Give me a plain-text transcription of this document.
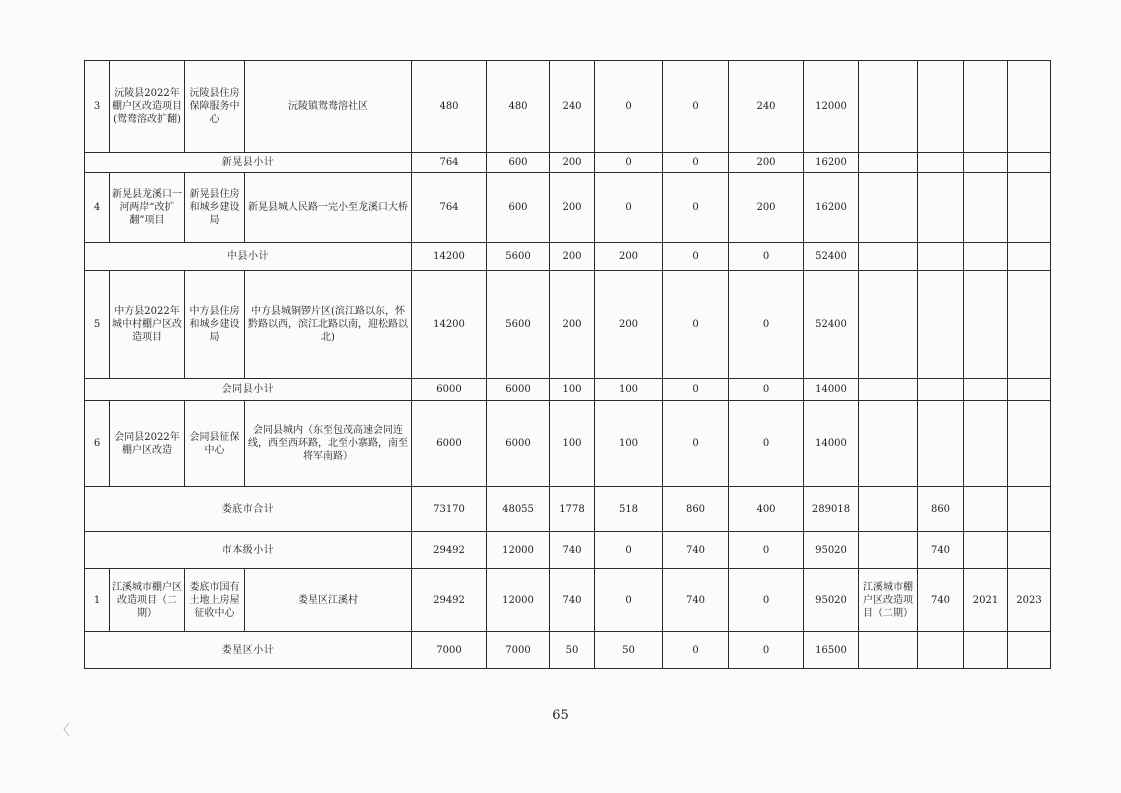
3	沅陵县2022年棚户区改造项目(鸳鸯溶改扩翻)	沅陵县住房保障服务中心	沅陵镇鸳鸯溶社区	480	480	240	0	0	240	12000				
新晃县小计				764	600	200	0	0	200	16200				
4	新晃县龙溪口一河两岸“改扩翻”项目	新晃县住房和城乡建设局	新晃县城人民路一完小至龙溪口大桥	764	600	200	0	0	200	16200				
中县小计				14200	5600	200	200	0	0	52400				
5	中方县2022年城中村棚户区改造项目	中方县住房和城乡建设局	中方县城铜锣片区(滨江路以东，怀黔路以西，滨江北路以南，迎松路以北)	14200	5600	200	200	0	0	52400				
会同县小计				6000	6000	100	100	0	0	14000				
6	会同县2022年棚户区改造	会同县征保中心	会同县城内（东至包茂高速会同连线，西至西环路，北至小寨路，南至将军南路）	6000	6000	100	100	0	0	14000				
娄底市合计				73170	48055	1778	518	860	400	289018		860		
市本级小计				29492	12000	740	0	740	0	95020		740		
1	江溪城市棚户区改造项目（二期）	娄底市国有土地上房屋征收中心	娄星区江溪村	29492	12000	740	0	740	0	95020	江溪城市棚户区改造项目（二期）	740	2021	2023
娄星区小计				7000	7000	50	50	0	0	16500				
65
〈
